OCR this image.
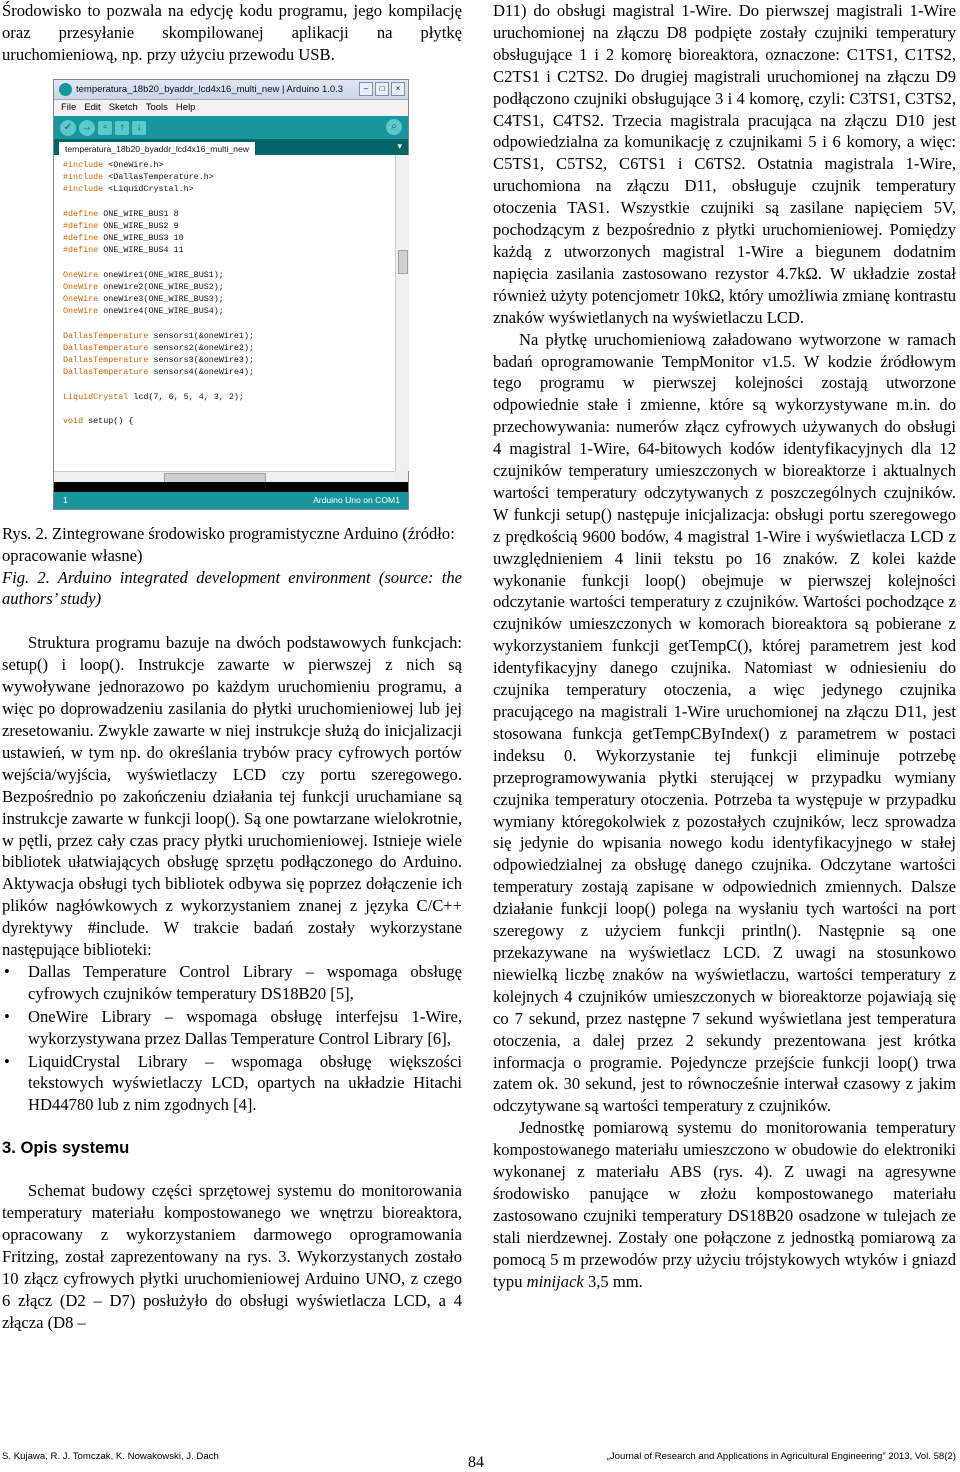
Środowisko to pozwala na edycję kodu programu, jego kompilację oraz przesyłanie skompilowanej aplikacji na płytkę uruchomieniową, np. przy użyciu przewodu USB.

Rys. 2. Zintegrowane środowisko programistyczne Arduino (źródło: opracowanie własne)

Fig. 2. Arduino integrated development environment (source: the authors’ study)

Struktura programu bazuje na dwóch podstawowych funkcjach: setup() i loop(). Instrukcje zawarte w pierwszej z nich są wywoływane jednorazowo po każdym uruchomieniu programu, a więc po doprowadzeniu zasilania do płytki uruchomieniowej lub jej zresetowaniu. Zwykle zawarte w niej instrukcje służą do inicjalizacji ustawień, w tym np. do określania trybów pracy cyfrowych portów wejścia/wyjścia, wyświetlaczy LCD czy portu szeregowego. Bezpośrednio po zakończeniu działania tej funkcji uruchamiane są instrukcje zawarte w funkcji loop(). Są one powtarzane wielokrotnie, w pętli, przez cały czas pracy płytki uruchomieniowej. Istnieje wiele bibliotek ułatwiających obsługę sprzętu podłączonego do Arduino. Aktywacja obsługi tych bibliotek odbywa się poprzez dołączenie ich plików nagłówkowych z wykorzystaniem znanej z języka C/C++ dyrektywy #include. W trakcie badań zostały wykorzystane następujące biblioteki:

• Dallas Temperature Control Library – wspomaga obsługę cyfrowych czujników temperatury DS18B20 [5],
• OneWire Library – wspomaga obsługę interfejsu 1-Wire, wykorzystywana przez Dallas Temperature Control Library [6],
• LiquidCrystal Library – wspomaga obsługę większości tekstowych wyświetlaczy LCD, opartych na układzie Hitachi HD44780 lub z nim zgodnych [4].
3. Opis systemu

Schemat budowy części sprzętowej systemu do monitorowania temperatury materiału kompostowanego we wnętrzu bioreaktora, opracowany z wykorzystaniem darmowego oprogramowania Fritzing, został zaprezentowany na rys. 3. Wykorzystanych zostało 10 złącz cyfrowych płytki uruchomieniowej Arduino UNO, z czego 6 złącz (D2 – D7) posłużyło do obsługi wyświetlacza LCD, a 4 złącza (D8 –

temperatura_18b20_byaddr_lcd4x16_multi_new | Arduino 1.0.3	–	□	×
File Edit Sketch Tools Help
✓ →	▫	↑	↓	⌕
temperatura_18b20_byaddr_lcd4x16_multi_new	▾
#include <OneWire.h>
#include <DallasTemperature.h>
#include <LiquidCrystal.h>
#define ONE_WIRE_BUS1 8
#define ONE_WIRE_BUS2 9
#define ONE_WIRE_BUS3 10
#define ONE_WIRE_BUS4 11
OneWire oneWire1(ONE_WIRE_BUS1);
OneWire oneWire2(ONE_WIRE_BUS2);
OneWire oneWire3(ONE_WIRE_BUS3);
OneWire oneWire4(ONE_WIRE_BUS4);
DallasTemperature sensors1(&oneWire1);
DallasTemperature sensors2(&oneWire2);
DallasTemperature sensors3(&oneWire3);
DallasTemperature sensors4(&oneWire4);
LiquidCrystal lcd(7, 6, 5, 4, 3, 2);
void setup() {
1	Arduino Uno on COM1

D11) do obsługi magistral 1-Wire. Do pierwszej magistrali 1-Wire uruchomionej na złączu D8 podpięte zostały czujniki temperatury obsługujące 1 i 2 komorę bioreaktora, oznaczone: C1TS1, C1TS2, C2TS1 i C2TS2. Do drugiej magistrali uruchomionej na złączu D9 podłączono czujniki obsługujące 3 i 4 komorę, czyli: C3TS1, C3TS2, C4TS1, C4TS2. Trzecia magistrala pracująca na złączu D10 jest odpowiedzialna za komunikację z czujnikami 5 i 6 komory, a więc: C5TS1, C5TS2, C6TS1 i C6TS2. Ostatnia magistrala 1-Wire, uruchomiona na złączu D11, obsługuje czujnik temperatury otoczenia TAS1. Wszystkie czujniki są zasilane napięciem 5V, pochodzącym z bezpośrednio z płytki uruchomieniowej. Pomiędzy każdą z utworzonych magistral 1-Wire a biegunem dodatnim napięcia zasilania zastosowano rezystor 4.7kΩ. W układzie został również użyty potencjometr 10kΩ, który umożliwia zmianę kontrastu znaków wyświetlanych na wyświetlaczu LCD.

Na płytkę uruchomieniową załadowano wytworzone w ramach badań oprogramowanie TempMonitor v1.5. W kodzie źródłowym tego programu w pierwszej kolejności zostają utworzone odpowiednie stałe i zmienne, które są wykorzystywane m.in. do przechowywania: numerów złącz cyfrowych używanych do obsługi 4 magistral 1-Wire, 64-bitowych kodów identyfikacyjnych dla 12 czujników temperatury umieszczonych w bioreaktorze i aktualnych wartości temperatury odczytywanych z poszczególnych czujników. W funkcji setup() następuje inicjalizacja: obsługi portu szeregowego z prędkością 9600 bodów, 4 magistral 1-Wire i wyświetlacza LCD z uwzględnieniem 4 linii tekstu po 16 znaków. Z kolei każde wykonanie funkcji loop() obejmuje w pierwszej kolejności odczytanie wartości temperatury z czujników. Wartości pochodzące z czujników umieszczonych w komorach bioreaktora są pobierane z wykorzystaniem funkcji getTempC(), której parametrem jest kod identyfikacyjny danego czujnika. Natomiast w odniesieniu do czujnika temperatury otoczenia, a więc jedynego czujnika pracującego na magistrali 1-Wire uruchomionej na złączu D11, jest stosowana funkcja getTempCByIndex() z parametrem w postaci indeksu 0. Wykorzystanie tej funkcji eliminuje potrzebę przeprogramowywania płytki sterującej w przypadku wymiany czujnika temperatury otoczenia. Potrzeba ta występuje w przypadku wymiany któregokolwiek z pozostałych czujników, lecz sprowadza się jedynie do wpisania nowego kodu identyfikacyjnego w stałej odpowiedzialnej za obsługę danego czujnika. Odczytane wartości temperatury zostają zapisane w odpowiednich zmiennych. Dalsze działanie funkcji loop() polega na wysłaniu tych wartości na port szeregowy z użyciem funkcji println(). Następnie są one przekazywane na wyświetlacz LCD. Z uwagi na stosunkowo niewielką liczbę znaków na wyświetlaczu, wartości temperatury z kolejnych 4 czujników umieszczonych w bioreaktorze pojawiają się co 7 sekund, przez następne 7 sekund wyświetlana jest temperatura otoczenia, a dalej przez 2 sekundy prezentowana jest krótka informacja o programie. Pojedyncze przejście funkcji loop() trwa zatem ok. 30 sekund, jest to równocześnie interwał czasowy z jakim odczytywane są wartości temperatury z czujników.

Jednostkę pomiarową systemu do monitorowania temperatury kompostowanego materiału umieszczono w obudowie do elektroniki wykonanej z materiału ABS (rys. 4). Z uwagi na agresywne środowisko panujące w złożu kompostowanego materiału zastosowano czujniki temperatury DS18B20 osadzone w tulejach ze stali nierdzewnej. Zostały one połączone z jednostką pomiarową za pomocą 5 m przewodów przy użyciu trójstykowych wtyków i gniazd typu minijack 3,5 mm.

S. Kujawa, R. J. Tomczak, K. Nowakowski, J. Dach	84	„Journal of Research and Applications in Agricultural Engineering” 2013, Vol. 58(2)
